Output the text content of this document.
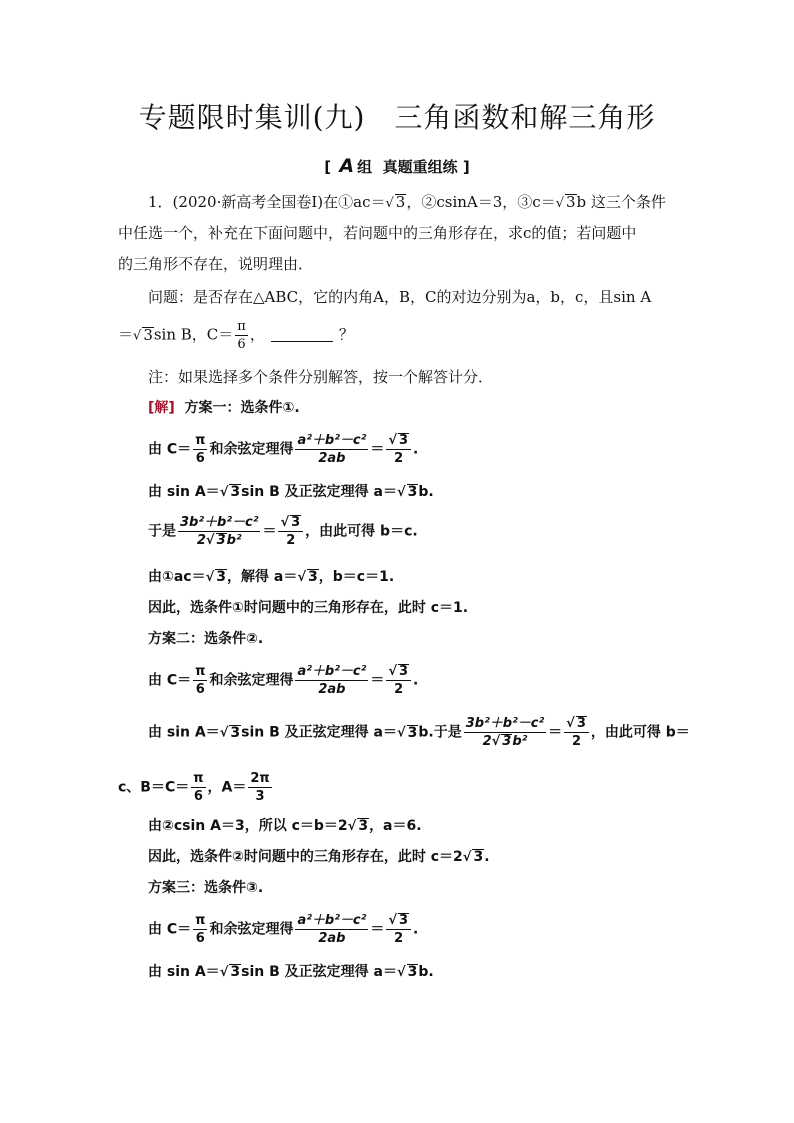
专题限时集训(九)　三角函数和解三角形
[ A 组 真题重组练 ]
1．(2020·新高考全国卷Ⅰ)在①ac＝√ 3，②csinA＝3，③c＝√ 3b 这三个条件
中任选一个，补充在下面问题中，若问题中的三角形存在，求c的值；若问题中
的三角形不存在，说明理由．
问题：是否存在△ABC，它的内角A，B，C的对边分别为a，b，c，且sin A
＝√ 3sin B，$C= \frac{\pi}{6}$ ，	？
注：如果选择多个条件分别解答，按一个解答计分．
[解] 方案一：选条件①.
由 $C= \frac{\pi}{6}$ 和余弦定理得 $\frac{\text{a²＋b²－c²}}{2ab} = \frac{√ 3}{2}$ .
由 sin A＝√ 3sin B 及正弦定理得 a＝√ 3b.
于是 $\frac{\text{3b²＋b²－c²}}{\text{2√ 3b²}} = \frac{√ 3}{2}$ ，由此可得 b＝c.
由①ac＝√ 3，解得 a＝√ 3，b＝c＝1.
因此，选条件①时问题中的三角形存在，此时 c＝1.
方案二：选条件②.
由 $C= \frac{\pi}{6}$ 和余弦定理得 $\frac{\text{a²＋b²－c²}}{2ab} = \frac{√ 3}{2}$ .
由 sin A＝√ 3sin B 及正弦定理得 a＝√ 3b.于是 $\frac{\text{3b²＋b²－c²}}{\text{2√ 3b²}} = \frac{√ 3}{2}$ ，由此可得 b＝
c、$B=C= \frac{\pi}{6}$ ，$A= \frac{2\pi}{3}$
由②csin A＝3，所以 c＝b＝2√ 3，a＝6.
因此，选条件②时问题中的三角形存在，此时 c＝2√ 3.
方案三：选条件③.
由 $C= \frac{\pi}{6}$ 和余弦定理得 $\frac{\text{a²＋b²－c²}}{2ab} = \frac{√ 3}{2}$ .
由 sin A＝√ 3sin B 及正弦定理得 a＝√ 3b.
